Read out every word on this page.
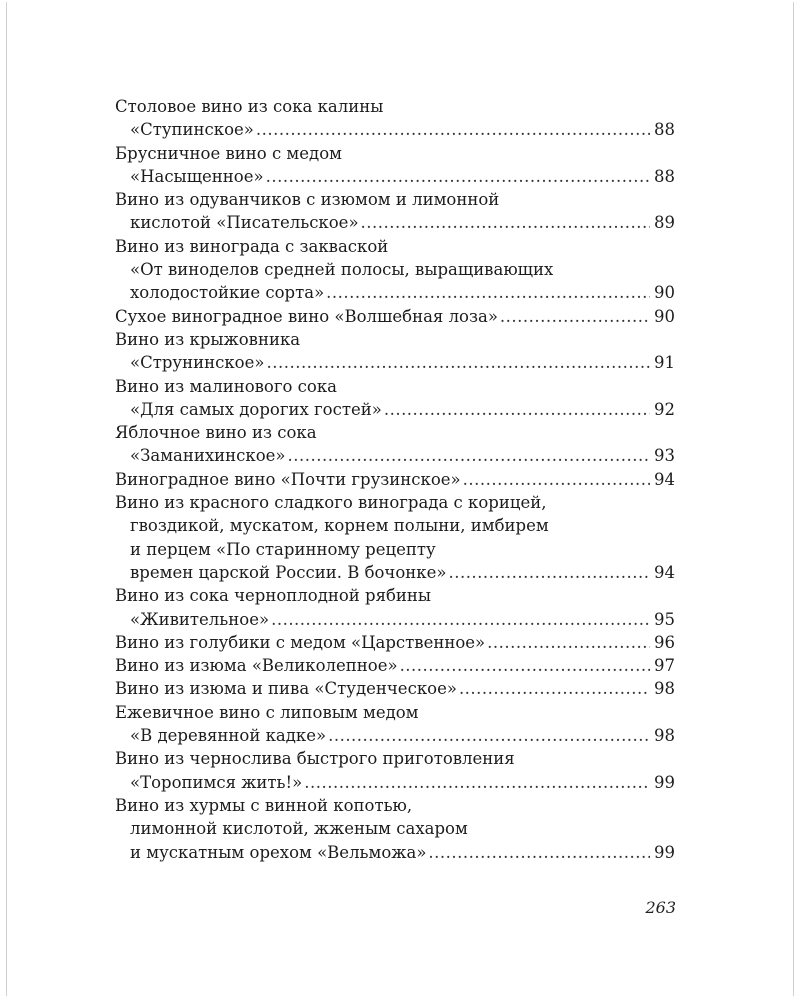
Столовое вино из сока калины
«Ступинское» .....	88
Брусничное вино с медом
«Насыщенное» .....	88
Вино из одуванчиков с изюмом и лимонной
кислотой «Писательское» .....	89
Вино из винограда с закваской
«От виноделов средней полосы, выращивающих
холодостойкие сорта» .....	90
Сухое виноградное вино «Волшебная лоза» .....	90
Вино из крыжовника
«Струнинское» .....	91
Вино из малинового сока
«Для самых дорогих гостей» .....	92
Яблочное вино из сока
«Заманихинское» .....	93
Виноградное вино «Почти грузинское» .....	94
Вино из красного сладкого винограда с корицей,
гвоздикой, мускатом, корнем полыни, имбирем
и перцем «По старинному рецепту
времен царской России. В бочонке» .....	94
Вино из сока черноплодной рябины
«Живительное» .....	95
Вино из голубики с медом «Царственное» .....	96
Вино из изюма «Великолепное» .....	97
Вино из изюма и пива «Студенческое» .....	98
Ежевичное вино с липовым медом
«В деревянной кадке» .....	98
Вино из чернослива быстрого приготовления
«Торопимся жить!» .....	99
Вино из хурмы с винной копотью,
лимонной кислотой, жженым сахаром
и мускатным орехом «Вельможа» .....	99
263
